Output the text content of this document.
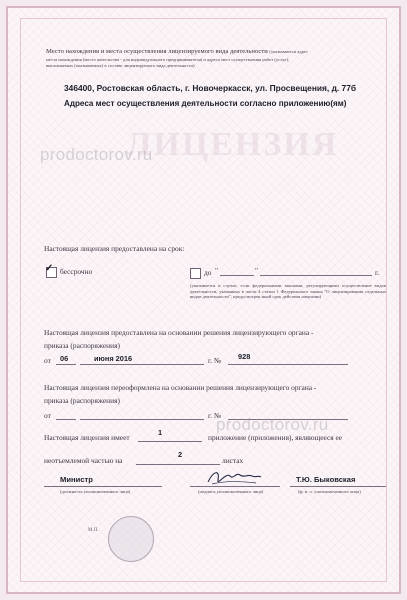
ЛИЦЕНЗИЯ
Место нахождения и места осуществления лицензируемого вида деятельности (указываются адрес
места нахождения (место жительства - для индивидуального предпринимателя) и адреса мест осуществления работ (услуг),
выполняемых (оказываемых) в составе лицензируемого вида деятельности)
346400, Ростовская область, г. Новочеркасск, ул. Просвещения, д. 77б
Адреса мест осуществления деятельности согласно приложению(ям)
prodoctorov.ru
Настоящая лицензия предоставлена на срок:
✓ бессрочно	до "	"	г.
(указывается в случае, если федеральными законами, регулирующими осуществление видов деятельности, указанных в части 4 статьи 1 Федерального закона "О лицензировании отдельных видов деятельности", предусмотрен иной срок действия лицензии)
Настоящая лицензия предоставлена на основании решения лицензирующего органа -
приказа (распоряжения)
от 06	июня 2016	г. № 928
Настоящая лицензия переоформлена на основании решения лицензирующего органа -
приказа (распоряжения)
от	г. №
prodoctorov.ru
Настоящая лицензия имеет
1
приложение (приложения), являющееся ее
неотъемлемой частью на
2
листах
Министр
(должность уполномоченного лица)	(подпись уполномоченного лица)
Т.Ю. Быковская
(ф. и. о. уполномоченного лица)
М.П.
